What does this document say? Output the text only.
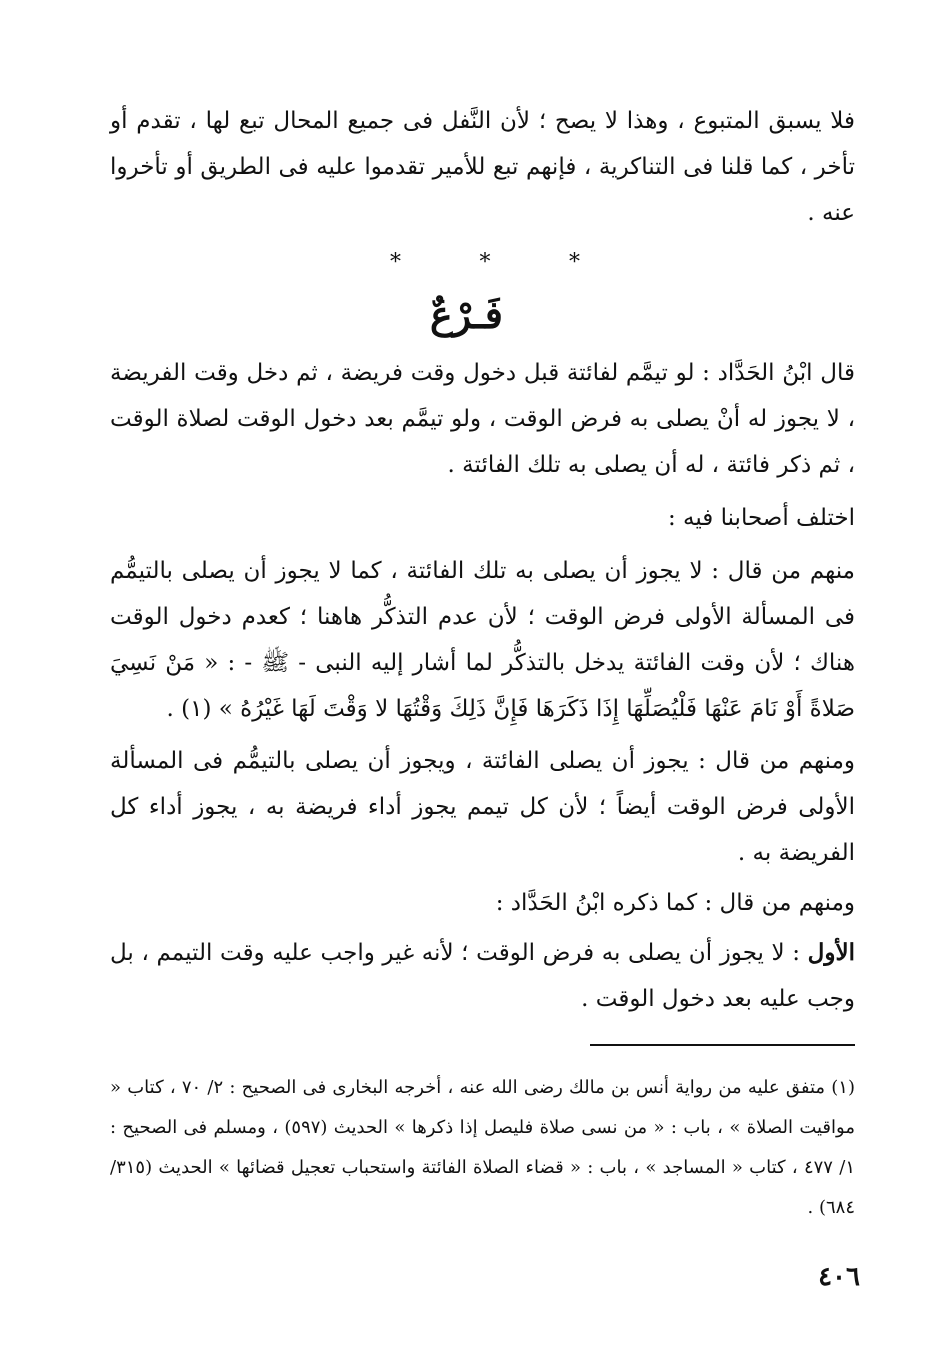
فلا يسبق المتبوع ، وهذا لا يصح ؛ لأن النَّفل فى جميع المحال تبع لها ، تقدم أو تأخر ، كما قلنا فى التناكرية ، فإنهم تبع للأمير تقدموا عليه فى الطريق أو تأخروا عنه .

*	*	*
فَـرْعٌ

قال ابْنُ الحَدَّاد : لو تيمَّم لفائتة قبل دخول وقت فريضة ، ثم دخل وقت الفريضة ، لا يجوز له أنْ يصلى به فرض الوقت ، ولو تيمَّم بعد دخول الوقت لصلاة الوقت ، ثم ذكر فائتة ، له أن يصلى به تلك الفائتة .

اختلف أصحابنا فيه :

منهم من قال : لا يجوز أن يصلى به تلك الفائتة ، كما لا يجوز أن يصلى بالتيمُّم فى المسألة الأولى فرض الوقت ؛ لأن عدم التذكُّر هاهنا ؛ كعدم دخول الوقت هناك ؛ لأن وقت الفائتة يدخل بالتذكُّر لما أشار إليه النبى - ﷺ - : « مَنْ نَسِيَ صَلاةً أَوْ نَامَ عَنْهَا فَلْيُصَلِّهَا إِذَا ذَكَرَهَا فَإِنَّ ذَلِكَ وَقْتُهَا لا وَقْتَ لَهَا غَيْرُهُ » (١) .

ومنهم من قال : يجوز أن يصلى الفائتة ، ويجوز أن يصلى بالتيمُّم فى المسألة الأولى فرض الوقت أيضاً ؛ لأن كل تيمم يجوز أداء فريضة به ، يجوز أداء كل الفريضة به .

ومنهم من قال : كما ذكره ابْنُ الحَدَّاد :

الأول : لا يجوز أن يصلى به فرض الوقت ؛ لأنه غير واجب عليه وقت التيمم ، بل وجب عليه بعد دخول الوقت .

(١) متفق عليه من رواية أنس بن مالك رضى الله عنه ، أخرجه البخارى فى الصحيح : ٢/ ٧٠ ، كتاب « مواقيت الصلاة » ، باب : « من نسى صلاة فليصل إذا ذكرها » الحديث (٥٩٧) ، ومسلم فى الصحيح : ١/ ٤٧٧ ، كتاب « المساجد » ، باب : « قضاء الصلاة الفائتة واستحباب تعجيل قضائها » الحديث (٣١٥/ ٦٨٤) .

٤٠٦
